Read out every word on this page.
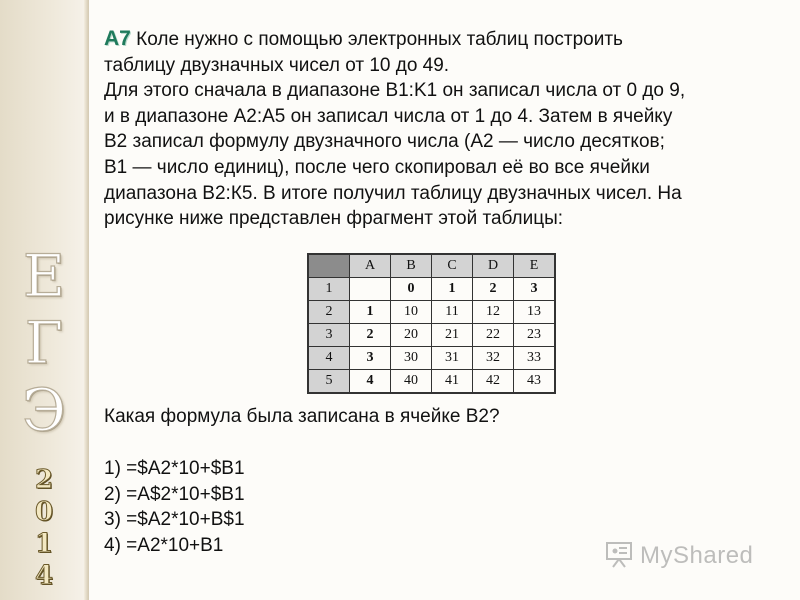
Е
Г
Э
2
0
1
4

А7 Коле нужно с помощью электронных таблиц построить

таблицу двузначных чисел от 10 до 49.

Для этого сначала в диапазоне B1:K1 он записал числа от 0 до 9,

и в диапазоне А2:А5 он записал числа от 1 до 4. Затем в ячейку

В2 записал формулу двузначного числа (А2 — число десятков;

В1 — число единиц), после чего скопировал её во все ячейки

диапазона В2:К5. В итоге получил таблицу двузначных чисел. На

рисунке ниже представлен фрагмент этой таблицы:

	A	B	C	D	E
1		0	1	2	3
2	1	10	11	12	13
3	2	20	21	22	23
4	3	30	31	32	33
5	4	40	41	42	43
Какая формула была записана в ячейке В2?
1) =$A2*10+$B1
2) =A$2*10+$B1
3) =$A2*10+B$1
4) =A2*10+B1	MyShared
